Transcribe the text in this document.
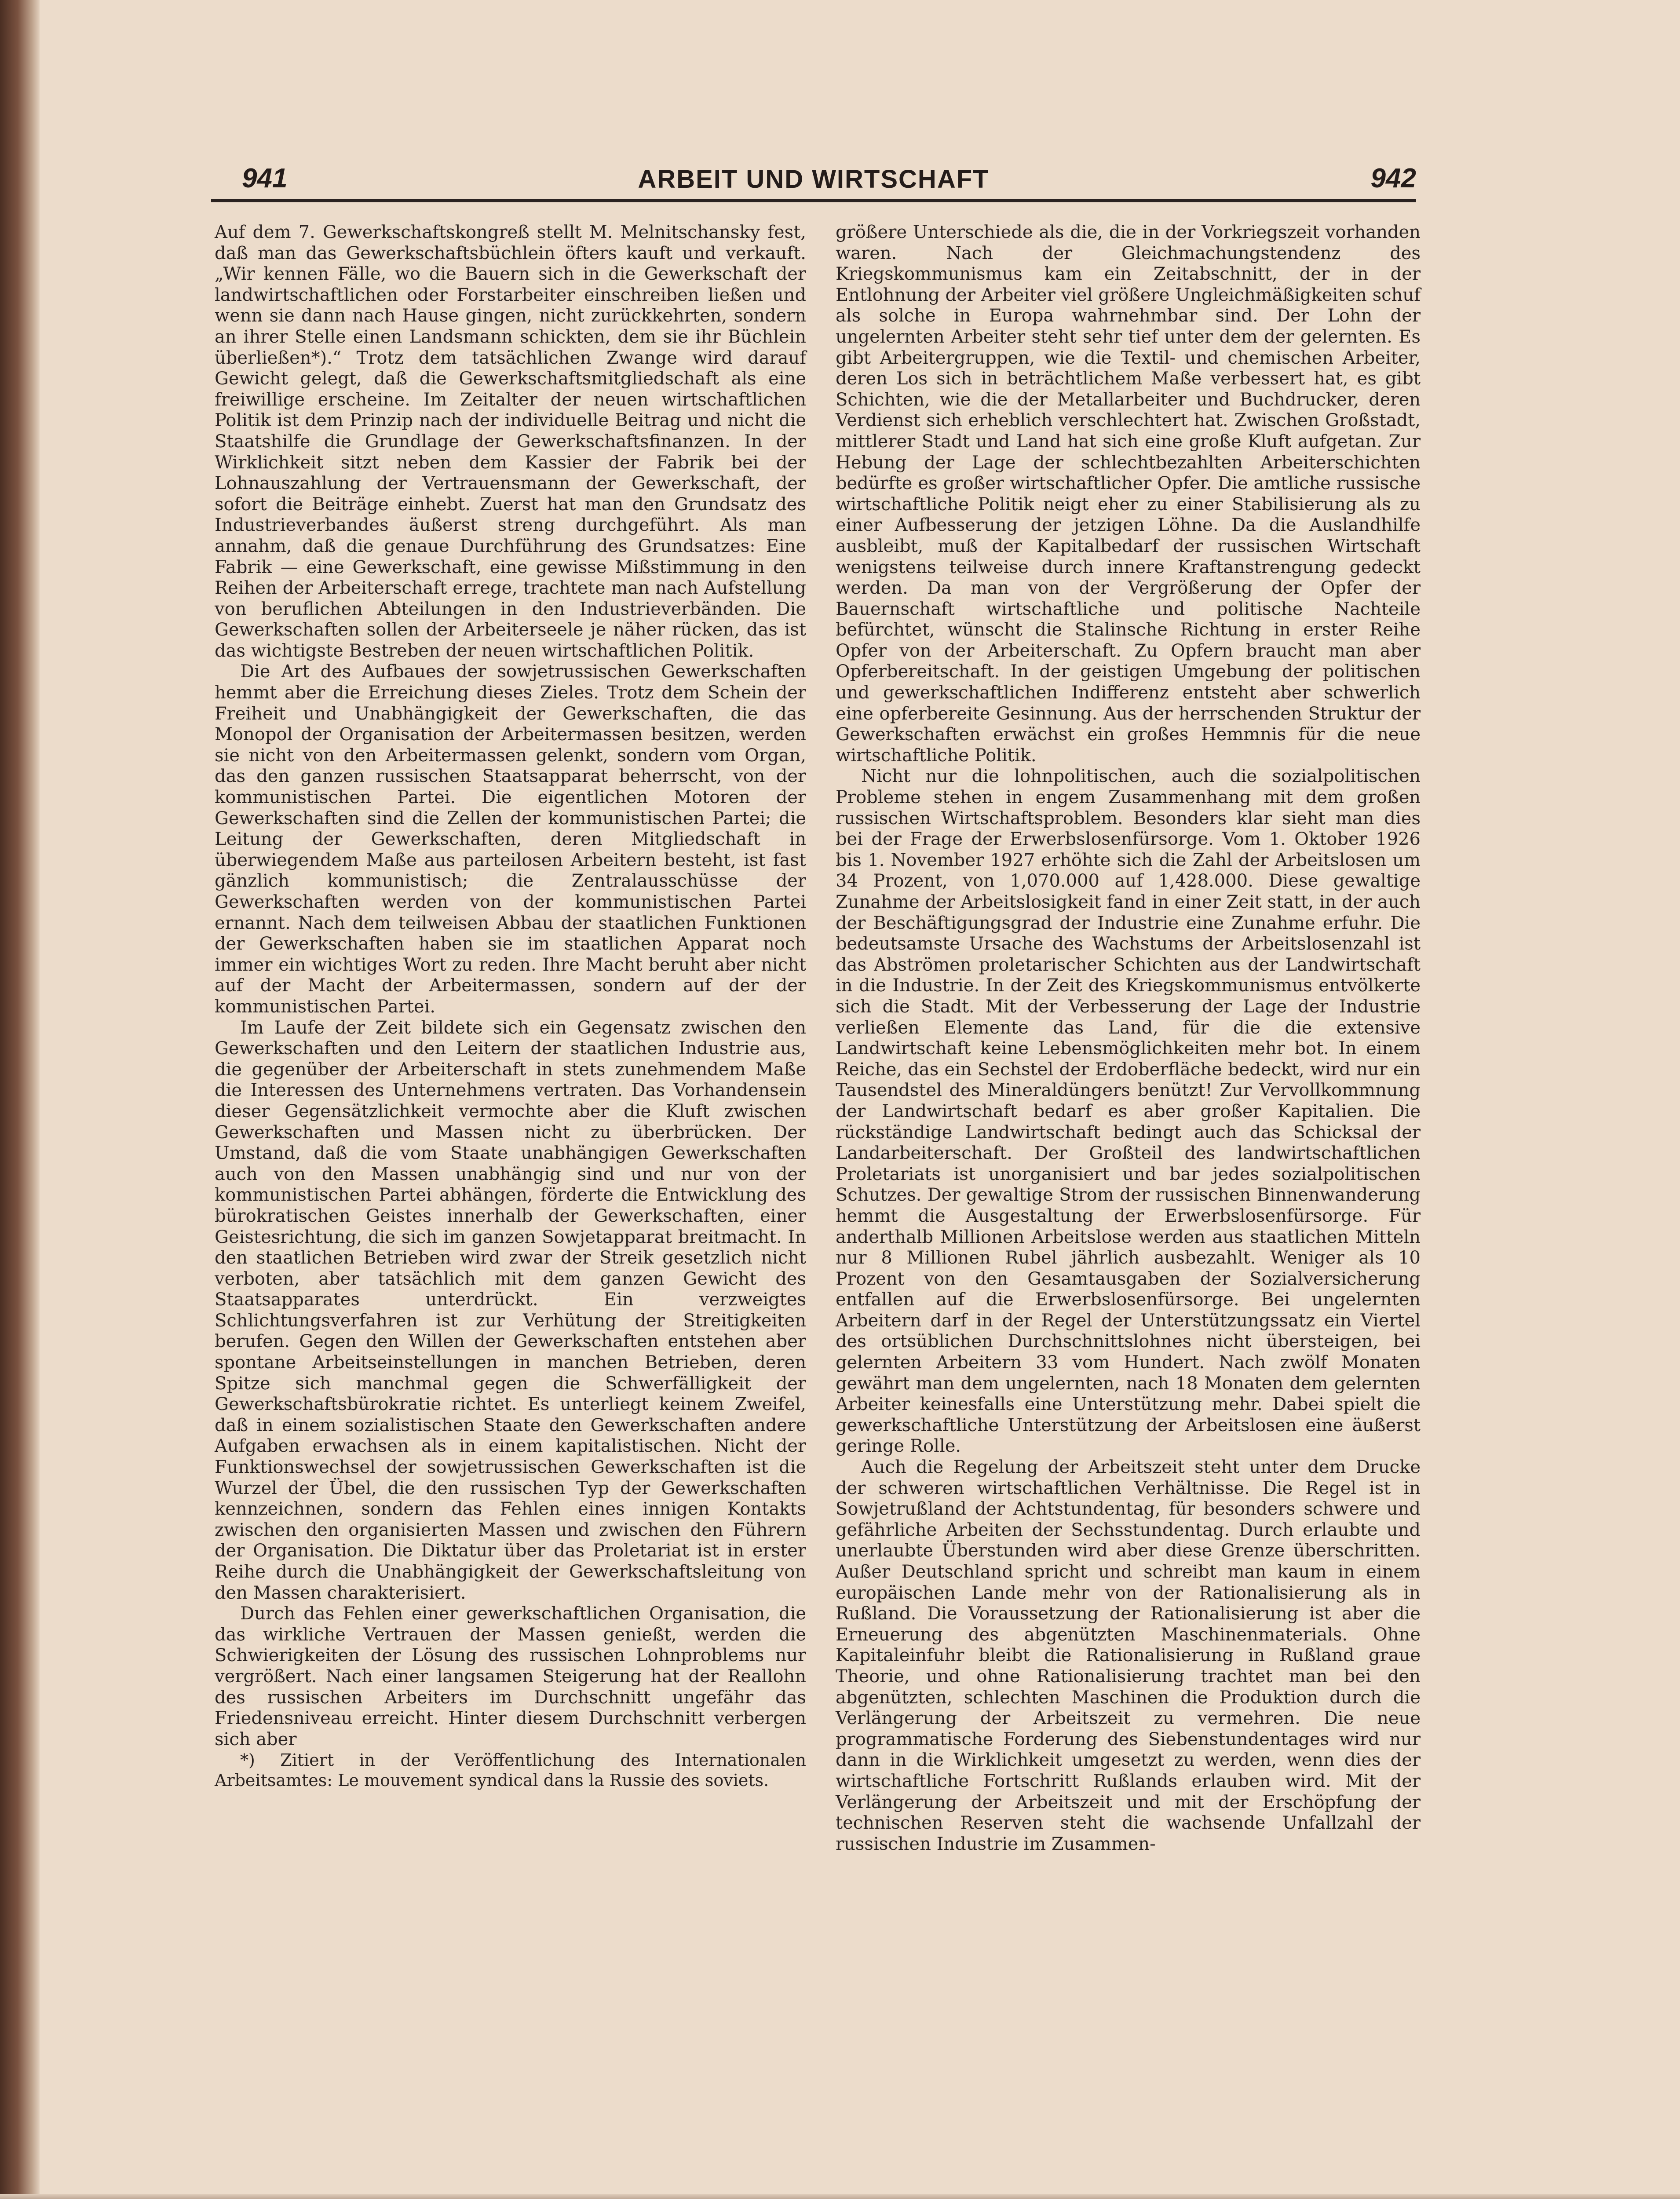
941	ARBEIT UND WIRTSCHAFT	942

Auf dem 7. Gewerkschaftskongreß stellt M. Melnitschansky fest, daß man das Gewerkschaftsbüchlein öfters kauft und verkauft. „Wir kennen Fälle, wo die Bauern sich in die Gewerkschaft der landwirtschaftlichen oder Forstarbeiter einschreiben ließen und wenn sie dann nach Hause gingen, nicht zurückkehrten, sondern an ihrer Stelle einen Landsmann schickten, dem sie ihr Büchlein überließen*).“ Trotz dem tatsächlichen Zwange wird darauf Gewicht gelegt, daß die Gewerkschaftsmitgliedschaft als eine freiwillige erscheine. Im Zeitalter der neuen wirtschaftlichen Politik ist dem Prinzip nach der individuelle Beitrag und nicht die Staatshilfe die Grundlage der Gewerkschaftsfinanzen. In der Wirklichkeit sitzt neben dem Kassier der Fabrik bei der Lohnauszahlung der Vertrauensmann der Gewerkschaft, der sofort die Beiträge einhebt. Zuerst hat man den Grundsatz des Industrieverbandes äußerst streng durchgeführt. Als man annahm, daß die genaue Durchführung des Grundsatzes: Eine Fabrik — eine Gewerkschaft, eine gewisse Mißstimmung in den Reihen der Arbeiterschaft errege, trachtete man nach Aufstellung von beruflichen Abteilungen in den Industrieverbänden. Die Gewerkschaften sollen der Arbeiterseele je näher rücken, das ist das wichtigste Bestreben der neuen wirtschaftlichen Politik.

Die Art des Aufbaues der sowjetrussischen Gewerkschaften hemmt aber die Erreichung dieses Zieles. Trotz dem Schein der Freiheit und Unabhängigkeit der Gewerkschaften, die das Monopol der Organisation der Arbeitermassen besitzen, werden sie nicht von den Arbeitermassen gelenkt, sondern vom Organ, das den ganzen russischen Staatsapparat beherrscht, von der kommunistischen Partei. Die eigentlichen Motoren der Gewerkschaften sind die Zellen der kommunistischen Partei; die Leitung der Gewerkschaften, deren Mitgliedschaft in überwiegendem Maße aus parteilosen Arbeitern besteht, ist fast gänzlich kommunistisch; die Zentralausschüsse der Gewerkschaften werden von der kommunistischen Partei ernannt. Nach dem teilweisen Abbau der staatlichen Funktionen der Gewerkschaften haben sie im staatlichen Apparat noch immer ein wichtiges Wort zu reden. Ihre Macht beruht aber nicht auf der Macht der Arbeitermassen, sondern auf der der kommunistischen Partei.

Im Laufe der Zeit bildete sich ein Gegensatz zwischen den Gewerkschaften und den Leitern der staatlichen Industrie aus, die gegenüber der Arbeiterschaft in stets zunehmendem Maße die Interessen des Unternehmens vertraten. Das Vorhandensein dieser Gegensätzlichkeit vermochte aber die Kluft zwischen Gewerkschaften und Massen nicht zu überbrücken. Der Umstand, daß die vom Staate unabhängigen Gewerkschaften auch von den Massen unabhängig sind und nur von der kommunistischen Partei abhängen, förderte die Entwicklung des bürokratischen Geistes innerhalb der Gewerkschaften, einer Geistesrichtung, die sich im ganzen Sowjetapparat breitmacht. In den staatlichen Betrieben wird zwar der Streik gesetzlich nicht verboten, aber tatsächlich mit dem ganzen Gewicht des Staatsapparates unterdrückt. Ein verzweigtes Schlichtungsverfahren ist zur Verhütung der Streitigkeiten berufen. Gegen den Willen der Gewerkschaften entstehen aber spontane Arbeitseinstellungen in manchen Betrieben, deren Spitze sich manchmal gegen die Schwerfälligkeit der Gewerkschaftsbürokratie richtet. Es unterliegt keinem Zweifel, daß in einem sozialistischen Staate den Gewerkschaften andere Aufgaben erwachsen als in einem kapitalistischen. Nicht der Funktionswechsel der sowjetrussischen Gewerkschaften ist die Wurzel der Übel, die den russischen Typ der Gewerkschaften kennzeichnen, sondern das Fehlen eines innigen Kontakts zwischen den organisierten Massen und zwischen den Führern der Organisation. Die Diktatur über das Proletariat ist in erster Reihe durch die Unabhängigkeit der Gewerkschaftsleitung von den Massen charakterisiert.

Durch das Fehlen einer gewerkschaftlichen Organisation, die das wirkliche Vertrauen der Massen genießt, werden die Schwierigkeiten der Lösung des russischen Lohnproblems nur vergrößert. Nach einer langsamen Steigerung hat der Reallohn des russischen Arbeiters im Durchschnitt ungefähr das Friedensniveau erreicht. Hinter diesem Durchschnitt verbergen sich aber

*) Zitiert in der Veröffentlichung des Internationalen Arbeitsamtes: Le mouvement syndical dans la Russie des soviets.

größere Unterschiede als die, die in der Vorkriegszeit vorhanden waren. Nach der Gleichmachungstendenz des Kriegskommunismus kam ein Zeitabschnitt, der in der Entlohnung der Arbeiter viel größere Ungleichmäßigkeiten schuf als solche in Europa wahrnehmbar sind. Der Lohn der ungelernten Arbeiter steht sehr tief unter dem der gelernten. Es gibt Arbeitergruppen, wie die Textil- und chemischen Arbeiter, deren Los sich in beträchtlichem Maße verbessert hat, es gibt Schichten, wie die der Metallarbeiter und Buchdrucker, deren Verdienst sich erheblich verschlechtert hat. Zwischen Großstadt, mittlerer Stadt und Land hat sich eine große Kluft aufgetan. Zur Hebung der Lage der schlechtbezahlten Arbeiterschichten bedürfte es großer wirtschaftlicher Opfer. Die amtliche russische wirtschaftliche Politik neigt eher zu einer Stabilisierung als zu einer Aufbesserung der jetzigen Löhne. Da die Auslandhilfe ausbleibt, muß der Kapitalbedarf der russischen Wirtschaft wenigstens teilweise durch innere Kraftanstrengung gedeckt werden. Da man von der Vergrößerung der Opfer der Bauernschaft wirtschaftliche und politische Nachteile befürchtet, wünscht die Stalinsche Richtung in erster Reihe Opfer von der Arbeiterschaft. Zu Opfern braucht man aber Opferbereitschaft. In der geistigen Umgebung der politischen und gewerkschaftlichen Indifferenz entsteht aber schwerlich eine opferbereite Gesinnung. Aus der herrschenden Struktur der Gewerkschaften erwächst ein großes Hemmnis für die neue wirtschaftliche Politik.

Nicht nur die lohnpolitischen, auch die sozialpolitischen Probleme stehen in engem Zusammenhang mit dem großen russischen Wirtschaftsproblem. Besonders klar sieht man dies bei der Frage der Erwerbslosenfürsorge. Vom 1. Oktober 1926 bis 1. November 1927 erhöhte sich die Zahl der Arbeitslosen um 34 Prozent, von 1,070.000 auf 1,428.000. Diese gewaltige Zunahme der Arbeitslosigkeit fand in einer Zeit statt, in der auch der Beschäftigungsgrad der Industrie eine Zunahme erfuhr. Die bedeutsamste Ursache des Wachstums der Arbeitslosenzahl ist das Abströmen proletarischer Schichten aus der Landwirtschaft in die Industrie. In der Zeit des Kriegskommunismus entvölkerte sich die Stadt. Mit der Verbesserung der Lage der Industrie verließen Elemente das Land, für die die extensive Landwirtschaft keine Lebensmöglichkeiten mehr bot. In einem Reiche, das ein Sechstel der Erdoberfläche bedeckt, wird nur ein Tausendstel des Mineraldüngers benützt! Zur Vervollkommnung der Landwirtschaft bedarf es aber großer Kapitalien. Die rückständige Landwirtschaft bedingt auch das Schicksal der Landarbeiterschaft. Der Großteil des landwirtschaftlichen Proletariats ist unorganisiert und bar jedes sozialpolitischen Schutzes. Der gewaltige Strom der russischen Binnenwanderung hemmt die Ausgestaltung der Erwerbslosenfürsorge. Für anderthalb Millionen Arbeitslose werden aus staatlichen Mitteln nur 8 Millionen Rubel jährlich ausbezahlt. Weniger als 10 Prozent von den Gesamtausgaben der Sozialversicherung entfallen auf die Erwerbslosenfürsorge. Bei ungelernten Arbeitern darf in der Regel der Unterstützungssatz ein Viertel des ortsüblichen Durchschnittslohnes nicht übersteigen, bei gelernten Arbeitern 33 vom Hundert. Nach zwölf Monaten gewährt man dem ungelernten, nach 18 Monaten dem gelernten Arbeiter keinesfalls eine Unterstützung mehr. Dabei spielt die gewerkschaftliche Unterstützung der Arbeitslosen eine äußerst geringe Rolle.

Auch die Regelung der Arbeitszeit steht unter dem Drucke der schweren wirtschaftlichen Verhältnisse. Die Regel ist in Sowjetrußland der Achtstundentag, für besonders schwere und gefährliche Arbeiten der Sechsstundentag. Durch erlaubte und unerlaubte Überstunden wird aber diese Grenze überschritten. Außer Deutschland spricht und schreibt man kaum in einem europäischen Lande mehr von der Rationalisierung als in Rußland. Die Voraussetzung der Rationalisierung ist aber die Erneuerung des abgenützten Maschinenmaterials. Ohne Kapitaleinfuhr bleibt die Rationalisierung in Rußland graue Theorie, und ohne Rationalisierung trachtet man bei den abgenützten, schlechten Maschinen die Produktion durch die Verlängerung der Arbeitszeit zu vermehren. Die neue programmatische Forderung des Siebenstundentages wird nur dann in die Wirklichkeit umgesetzt zu werden, wenn dies der wirtschaftliche Fortschritt Rußlands erlauben wird. Mit der Verlängerung der Arbeitszeit und mit der Erschöpfung der technischen Reserven steht die wachsende Unfallzahl der russischen Industrie im Zusammen-
